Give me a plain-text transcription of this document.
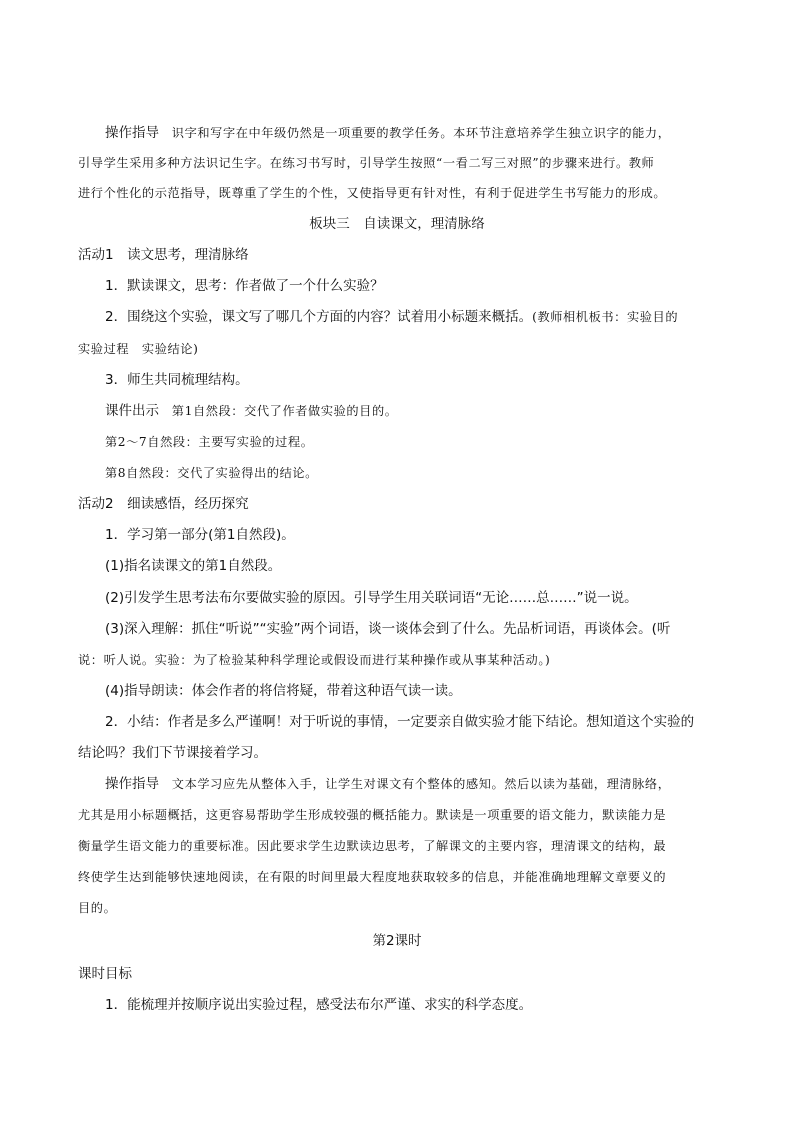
操作指导　 识字和写字在中年级仍然是一项重要的教学任务。本环节注意培养学生独立识字的能力，
引导学生采用多种方法识记生字。在练习书写时，引导学生按照“一看二写三对照”的步骤来进行。教师
进行个性化的示范指导，既尊重了学生的个性，又使指导更有针对性，有利于促进学生书写能力的形成。
板块三　自读课文，理清脉络
活动1　读文思考，理清脉络
1．默读课文，思考：作者做了一个什么实验？
2．围绕这个实验，课文写了哪几个方面的内容？试着用小标题来概括。(教师相机板书：实验目的
实验过程　实验结论)
3．师生共同梳理结构。
课件出示　 第1自然段：交代了作者做实验的目的。
第2～7自然段：主要写实验的过程。
第8自然段：交代了实验得出的结论。
活动2　细读感悟，经历探究
1．学习第一部分(第1自然段)。
(1)指名读课文的第1自然段。
(2)引发学生思考法布尔要做实验的原因。引导学生用关联词语“无论……总……”说一说。
(3)深入理解：抓住“听说”“实验”两个词语，谈一谈体会到了什么。先品析词语，再谈体会。(听
说：听人说。实验：为了检验某种科学理论或假设而进行某种操作或从事某种活动。)
(4)指导朗读：体会作者的将信将疑，带着这种语气读一读。
2．小结：作者是多么严谨啊！对于听说的事情，一定要亲自做实验才能下结论。想知道这个实验的
结论吗？我们下节课接着学习。
操作指导　 文本学习应先从整体入手，让学生对课文有个整体的感知。然后以读为基础，理清脉络，
尤其是用小标题概括，这更容易帮助学生形成较强的概括能力。默读是一项重要的语文能力，默读能力是
衡量学生语文能力的重要标准。因此要求学生边默读边思考，了解课文的主要内容，理清课文的结构，最
终使学生达到能够快速地阅读，在有限的时间里最大程度地获取较多的信息，并能准确地理解文章要义的
目的。
第2课时
课时目标
1．能梳理并按顺序说出实验过程，感受法布尔严谨、求实的科学态度。
